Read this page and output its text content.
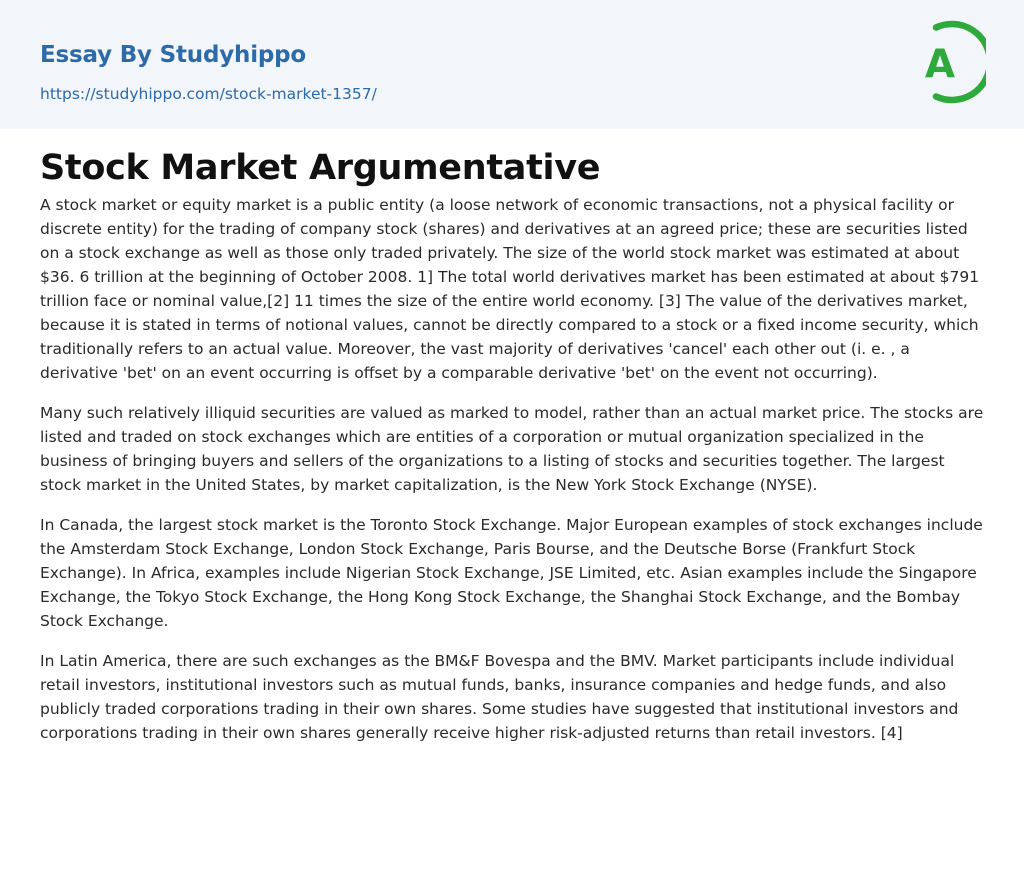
Essay By Studyhippo
https://studyhippo.com/stock-market-1357/
A
Stock Market Argumentative

A stock market or equity market is a public entity (a loose network of economic transactions, not a physical facility or discrete entity) for the trading of company stock (shares) and derivatives at an agreed price; these are securities listed on a stock exchange as well as those only traded privately. The size of the world stock market was estimated at about $36. 6 trillion at the beginning of October 2008. 1] The total world derivatives market has been estimated at about $791 trillion face or nominal value,[2] 11 times the size of the entire world economy. [3] The value of the derivatives market, because it is stated in terms of notional values, cannot be directly compared to a stock or a fixed income security, which traditionally refers to an actual value. Moreover, the vast majority of derivatives 'cancel' each other out (i. e. , a derivative 'bet' on an event occurring is offset by a comparable derivative 'bet' on the event not occurring).

Many such relatively illiquid securities are valued as marked to model, rather than an actual market price. The stocks are listed and traded on stock exchanges which are entities of a corporation or mutual organization specialized in the business of bringing buyers and sellers of the organizations to a listing of stocks and securities together. The largest stock market in the United States, by market capitalization, is the New York Stock Exchange (NYSE).

In Canada, the largest stock market is the Toronto Stock Exchange. Major European examples of stock exchanges include the Amsterdam Stock Exchange, London Stock Exchange, Paris Bourse, and the Deutsche Borse (Frankfurt Stock Exchange). In Africa, examples include Nigerian Stock Exchange, JSE Limited, etc. Asian examples include the Singapore Exchange, the Tokyo Stock Exchange, the Hong Kong Stock Exchange, the Shanghai Stock Exchange, and the Bombay Stock Exchange.

In Latin America, there are such exchanges as the BM&F Bovespa and the BMV. Market participants include individual retail investors, institutional investors such as mutual funds, banks, insurance companies and hedge funds, and also publicly traded corporations trading in their own shares. Some studies have suggested that institutional investors and corporations trading in their own shares generally receive higher risk-adjusted returns than retail investors. [4]
